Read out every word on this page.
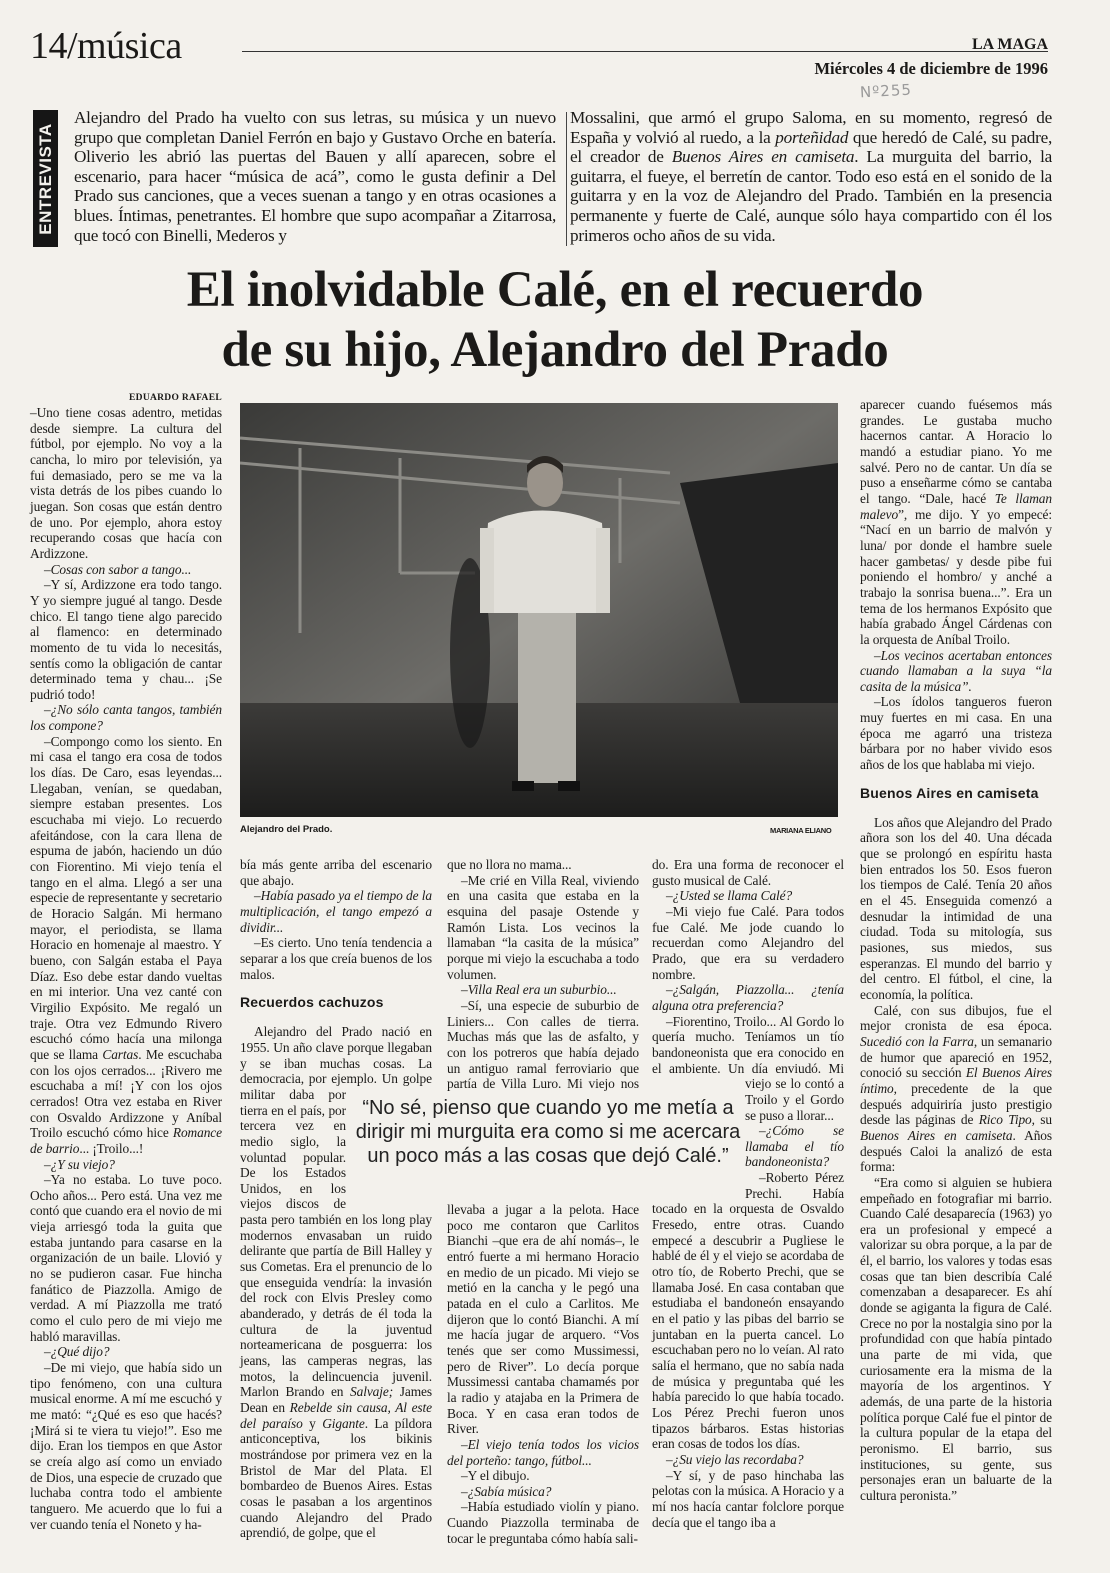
14/música	LA MAGA
Miércoles 4 de diciembre de 1996
Nº255
ENTREVISTA
Alejandro del Prado ha vuelto con sus letras, su música y un nuevo grupo que completan Daniel Ferrón en bajo y Gustavo Orche en batería. Oliverio les abrió las puertas del Bauen y allí aparecen, sobre el escenario, para hacer “música de acá”, como le gusta definir a Del Prado sus canciones, que a veces suenan a tango y en otras ocasiones a blues. Íntimas, penetrantes. El hombre que supo acompañar a Zitarrosa, que tocó con Binelli, Mederos y
Mossalini, que armó el grupo Saloma, en su momento, regresó de España y volvió al ruedo, a la porteñidad que heredó de Calé, su padre, el creador de Buenos Aires en camiseta. La murguita del barrio, la guitarra, el fueye, el berretín de cantor. Todo eso está en el sonido de la guitarra y en la voz de Alejandro del Prado. También en la presencia permanente y fuerte de Calé, aunque sólo haya compartido con él los primeros ocho años de su vida.
El inolvidable Calé, en el recuerdo
de su hijo, Alejandro del Prado
EDUARDO RAFAEL
Alejandro del Prado.	MARIANA ELIANO
“No sé, pienso que cuando yo me metía a dirigir mi murguita era como si me acercara un poco más a las cosas que dejó Calé.”

–Uno tiene cosas adentro, metidas desde siempre. La cultura del fútbol, por ejemplo. No voy a la cancha, lo miro por televisión, ya fui demasiado, pero se me va la vista detrás de los pibes cuando lo juegan. Son cosas que están dentro de uno. Por ejemplo, ahora estoy recuperando cosas que hacía con Ardizzone.

–Cosas con sabor a tango...

–Y sí, Ardizzone era todo tango. Y yo siempre jugué al tango. Desde chico. El tango tiene algo parecido al flamenco: en determinado momento de tu vida lo necesitás, sentís como la obligación de cantar determinado tema y chau... ¡Se pudrió todo!

–¿No sólo canta tangos, también los compone?

–Compongo como los siento. En mi casa el tango era cosa de todos los días. De Caro, esas leyendas... Llegaban, venían, se quedaban, siempre estaban presentes. Los escuchaba mi viejo. Lo recuerdo afeitándose, con la cara llena de espuma de jabón, haciendo un dúo con Fiorentino. Mi viejo tenía el tango en el alma. Llegó a ser una especie de representante y secretario de Horacio Salgán. Mi hermano mayor, el periodista, se llama Horacio en homenaje al maestro. Y bueno, con Salgán estaba el Paya Díaz. Eso debe estar dando vueltas en mi interior. Una vez canté con Virgilio Expósito. Me regaló un traje. Otra vez Edmundo Rivero escuchó cómo hacía una milonga que se llama Cartas. Me escuchaba con los ojos cerrados... ¡Rivero me escuchaba a mí! ¡Y con los ojos cerrados! Otra vez estaba en River con Osvaldo Ardizzone y Aníbal Troilo escuchó cómo hice Romance de barrio... ¡Troilo...!

–¿Y su viejo?

–Ya no estaba. Lo tuve poco. Ocho años... Pero está. Una vez me contó que cuando era el novio de mi vieja arriesgó toda la guita que estaba juntando para casarse en la organización de un baile. Llovió y no se pudieron casar. Fue hincha fanático de Piazzolla. Amigo de verdad. A mí Piazzolla me trató como el culo pero de mi viejo me habló maravillas.

–¿Qué dijo?

–De mi viejo, que había sido un tipo fenómeno, con una cultura musical enorme. A mí me escuchó y me mató: “¿Qué es eso que hacés? ¡Mirá si te viera tu viejo!”. Eso me dijo. Eran los tiempos en que Astor se creía algo así como un enviado de Dios, una especie de cruzado que luchaba contra todo el ambiente tanguero. Me acuerdo que lo fui a ver cuando tenía el Noneto y ha-

bía más gente arriba del escenario que abajo.

–Había pasado ya el tiempo de la multiplicación, el tango empezó a dividir...

–Es cierto. Uno tenía tendencia a separar a los que creía buenos de los malos.

Recuerdos cachuzos

Alejandro del Prado nació en 1955. Un año clave porque llegaban y se iban muchas cosas. La democracia, por ejemplo. Un golpe militar daba por tierra en el país, por tercera vez en medio siglo, la voluntad popular. De los Estados Unidos, en los viejos discos de pasta pero también en los long play modernos envasaban un ruido delirante que partía de Bill Halley y sus Cometas. Era el prenuncio de lo que enseguida vendría: la invasión del rock con Elvis Presley como abanderado, y detrás de él toda la cultura de la juventud norteamericana de posguerra: los jeans, las camperas negras, las motos, la delincuencia juvenil. Marlon Brando en Salvaje; James Dean en Rebelde sin causa, Al este del paraíso y Gigante. La píldora anticonceptiva, los bikinis mostrándose por primera vez en la Bristol de Mar del Plata. El bombardeo de Buenos Aires. Estas cosas le pasaban a los argentinos cuando Alejandro del Prado aprendió, de golpe, que el

que no llora no mama...

–Me crié en Villa Real, viviendo en una casita que estaba en la esquina del pasaje Ostende y Ramón Lista. Los vecinos la llamaban “la casita de la música” porque mi viejo la escuchaba a todo volumen.

–Villa Real era un suburbio...

–Sí, una especie de suburbio de Liniers... Con calles de tierra. Muchas más que las de asfalto, y con los potreros que había dejado un antiguo ramal ferroviario que partía de Villa Luro. Mi viejo nos llevaba a jugar a la pelota. Hace poco me contaron que Carlitos Bianchi –que era de ahí nomás–, le entró fuerte a mi hermano Horacio en medio de un picado. Mi viejo se metió en la cancha y le pegó una patada en el culo a Carlitos. Me dijeron que lo contó Bianchi. A mí me hacía jugar de arquero. “Vos tenés que ser como Mussimessi, pero de River”. Lo decía porque Mussimessi cantaba chamamés por la radio y atajaba en la Primera de Boca. Y en casa eran todos de River.

–El viejo tenía todos los vicios del porteño: tango, fútbol...

–Y el dibujo.

–¿Sabía música?

–Había estudiado violín y piano. Cuando Piazzolla terminaba de tocar le preguntaba cómo había sali-

do. Era una forma de reconocer el gusto musical de Calé.

–¿Usted se llama Calé?

–Mi viejo fue Calé. Para todos fue Calé. Me jode cuando lo recuerdan como Alejandro del Prado, que era su verdadero nombre.

–¿Salgán, Piazzolla... ¿tenía alguna otra preferencia?

–Fiorentino, Troilo... Al Gordo lo quería mucho. Teníamos un tío bandoneonista que era conocido en el ambiente. Un día enviudó. Mi viejo se lo contó a Troilo y el Gordo se puso a llorar...

–¿Cómo se llamaba el tío bandoneonista?

–Roberto Pérez Prechi. Había tocado en la orquesta de Osvaldo Fresedo, entre otras. Cuando empecé a descubrir a Pugliese le hablé de él y el viejo se acordaba de otro tío, de Roberto Prechi, que se llamaba José. En casa contaban que estudiaba el bandoneón ensayando en el patio y las pibas del barrio se juntaban en la puerta cancel. Lo escuchaban pero no lo veían. Al rato salía el hermano, que no sabía nada de música y preguntaba qué les había parecido lo que había tocado. Los Pérez Prechi fueron unos tipazos bárbaros. Estas historias eran cosas de todos los días.

–¿Su viejo las recordaba?

–Y sí, y de paso hinchaba las pelotas con la música. A Horacio y a mí nos hacía cantar folclore porque decía que el tango iba a

aparecer cuando fuésemos más grandes. Le gustaba mucho hacernos cantar. A Horacio lo mandó a estudiar piano. Yo me salvé. Pero no de cantar. Un día se puso a enseñarme cómo se cantaba el tango. “Dale, hacé Te llaman malevo”, me dijo. Y yo empecé: “Nací en un barrio de malvón y luna/ por donde el hambre suele hacer gambetas/ y desde pibe fui poniendo el hombro/ y anché a trabajo la sonrisa buena...”. Era un tema de los hermanos Expósito que había grabado Ángel Cárdenas con la orquesta de Aníbal Troilo.

–Los vecinos acertaban entonces cuando llamaban a la suya “la casita de la música”.

–Los ídolos tangueros fueron muy fuertes en mi casa. En una época me agarró una tristeza bárbara por no haber vivido esos años de los que hablaba mi viejo.

Buenos Aires en camiseta

Los años que Alejandro del Prado añora son los del 40. Una década que se prolongó en espíritu hasta bien entrados los 50. Esos fueron los tiempos de Calé. Tenía 20 años en el 45. Enseguida comenzó a desnudar la intimidad de una ciudad. Toda su mitología, sus pasiones, sus miedos, sus esperanzas. El mundo del barrio y del centro. El fútbol, el cine, la economía, la política.

Calé, con sus dibujos, fue el mejor cronista de esa época. Sucedió con la Farra, un semanario de humor que apareció en 1952, conoció su sección El Buenos Aires íntimo, precedente de la que después adquiriría justo prestigio desde las páginas de Rico Tipo, su Buenos Aires en camiseta. Años después Caloi la analizó de esta forma:

“Era como si alguien se hubiera empeñado en fotografiar mi barrio. Cuando Calé desaparecía (1963) yo era un profesional y empecé a valorizar su obra porque, a la par de él, el barrio, los valores y todas esas cosas que tan bien describía Calé comenzaban a desaparecer. Es ahí donde se agiganta la figura de Calé. Crece no por la nostalgia sino por la profundidad con que había pintado una parte de mi vida, que curiosamente era la misma de la mayoría de los argentinos. Y además, de una parte de la historia política porque Calé fue el pintor de la cultura popular de la etapa del peronismo. El barrio, sus instituciones, su gente, sus personajes eran un baluarte de la cultura peronista.”
